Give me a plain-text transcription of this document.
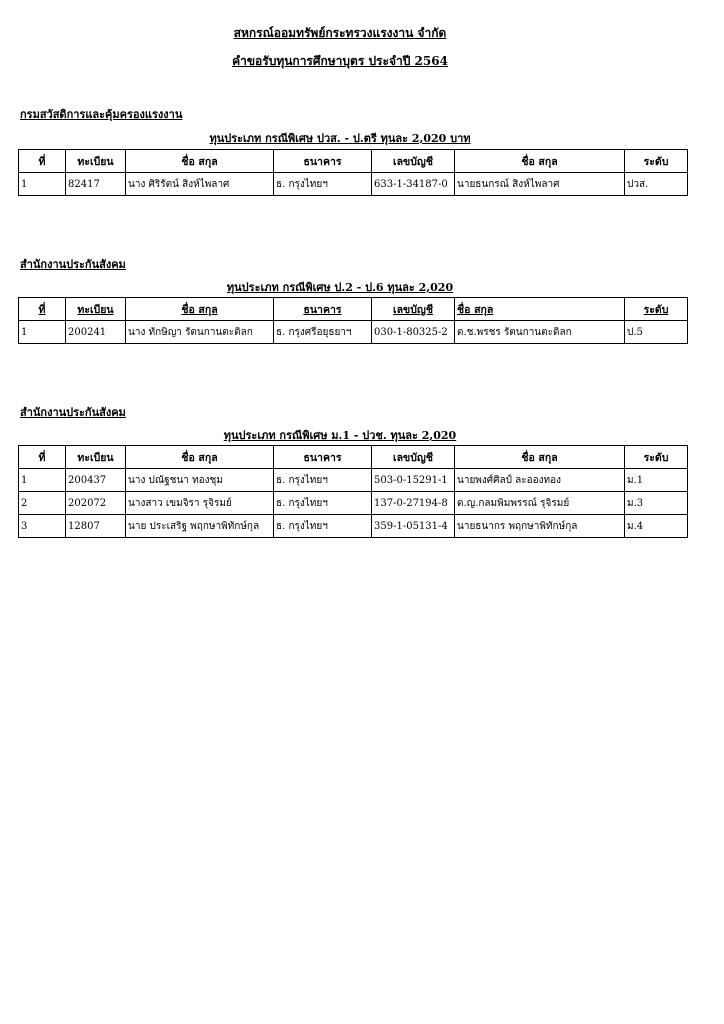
สหกรณ์ออมทรัพย์กระทรวงแรงงาน จำกัด
คำขอรับทุนการศึกษาบุตร ประจำปี 2564
กรมสวัสดิการและคุ้มครองแรงงาน
ทุนประเภท กรณีพิเศษ ปวส. - ป.ตรี ทุนละ 2,020 บาท
ที่	ทะเบียน	ชื่อ สกุล	ธนาคาร	เลขบัญชี	ชื่อ สกุล	ระดับ
1	82417	นาง ศิริรัตน์ สิงห์ไพลาศ	ธ. กรุงไทยฯ	633-1-34187-0	นายธนกรณ์ สิงห์ไพลาศ	ปวส.
สำนักงานประกันสังคม
ทุนประเภท กรณีพิเศษ ป.2 - ป.6 ทุนละ 2,020
ที่	ทะเบียน	ชื่อ สกุล	ธนาคาร	เลขบัญชี	ชื่อ สกุล	ระดับ
1	200241	นาง ทักษิญา รัตนกานตะดิลก	ธ. กรุงศรีอยุธยาฯ	030-1-80325-2	ด.ช.พรชร รัตนกานตะดิลก	ป.5
สำนักงานประกันสังคม
ทุนประเภท กรณีพิเศษ ม.1 - ปวช. ทุนละ 2,020
ที่	ทะเบียน	ชื่อ สกุล	ธนาคาร	เลขบัญชี	ชื่อ สกุล	ระดับ
1	200437	นาง ปณัฐชนา ทองชุม	ธ. กรุงไทยฯ	503-0-15291-1	นายพงศ์ศิลป์ ละอองทอง	ม.1
2	202072	นางสาว เขมจิรา รุจิรมย์	ธ. กรุงไทยฯ	137-0-27194-8	ด.ญ.กลมพิมพรรณ์ รุจิรมย์	ม.3
3	12807	นาย ประเสริฐ พฤกษาพิทักษ์กุล	ธ. กรุงไทยฯ	359-1-05131-4	นายธนากร พฤกษาพิทักษ์กุล	ม.4
